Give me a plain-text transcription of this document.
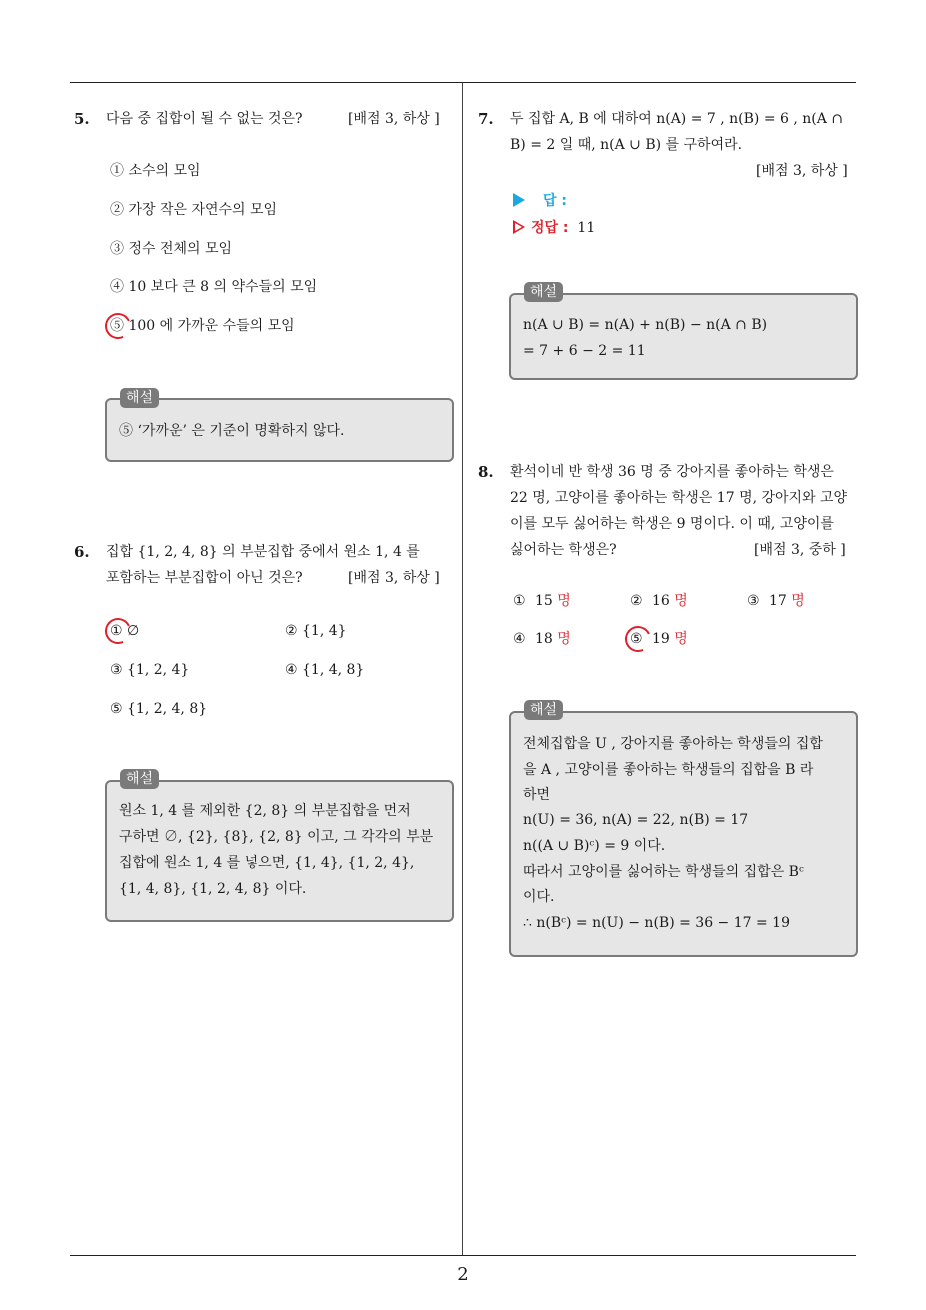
5. 다음 중 집합이 될 수 없는 것은?	[배점 3, 하상 ]
① 소수의 모임
② 가장 작은 자연수의 모임
③ 정수 전체의 모임
④ 10 보다 큰 8 의 약수들의 모임
⑤ 100 에 가까운 수들의 모임
⑤ ‘가까운’ 은 기준이 명확하지 않다.
해설
6. 집합 {1, 2, 4, 8} 의 부분집합 중에서 원소 1, 4 를
포함하는 부분집합이 아닌 것은?	[배점 3, 하상 ]
① ∅	② {1, 4}
③ {1, 2, 4}	④ {1, 4, 8}
⑤ {1, 2, 4, 8}
원소 1, 4 를 제외한 {2, 8} 의 부분집합을 먼저
구하면 ∅, {2}, {8}, {2, 8} 이고, 그 각각의 부분
집합에 원소 1, 4 를 넣으면, {1, 4}, {1, 2, 4},
{1, 4, 8}, {1, 2, 4, 8} 이다.
해설
7. 두 집합 A, B 에 대하여 n(A) = 7 , n(B) = 6 , n(A ∩
B) = 2 일 때, n(A ∪ B) 를 구하여라.
[배점 3, 하상 ]
답 :
정답 : 11
n(A ∪ B) = n(A) + n(B) − n(A ∩ B)
= 7 + 6 − 2 = 11
해설
8. 환석이네 반 학생 36 명 중 강아지를 좋아하는 학생은
22 명, 고양이를 좋아하는 학생은 17 명, 강아지와 고양
이를 모두 싫어하는 학생은 9 명이다. 이 때, 고양이를
싫어하는 학생은?	[배점 3, 중하 ]
① 15 명	② 16 명	③ 17 명
④ 18 명	⑤ 19 명
전체집합을 U , 강아지를 좋아하는 학생들의 집합
을 A , 고양이를 좋아하는 학생들의 집합을 B 라
하면
n(U) = 36, n(A) = 22, n(B) = 17
n((A ∪ B)ᶜ) = 9 이다.
따라서 고양이를 싫어하는 학생들의 집합은 Bᶜ
이다.
∴ n(Bᶜ) = n(U) − n(B) = 36 − 17 = 19
해설
2
